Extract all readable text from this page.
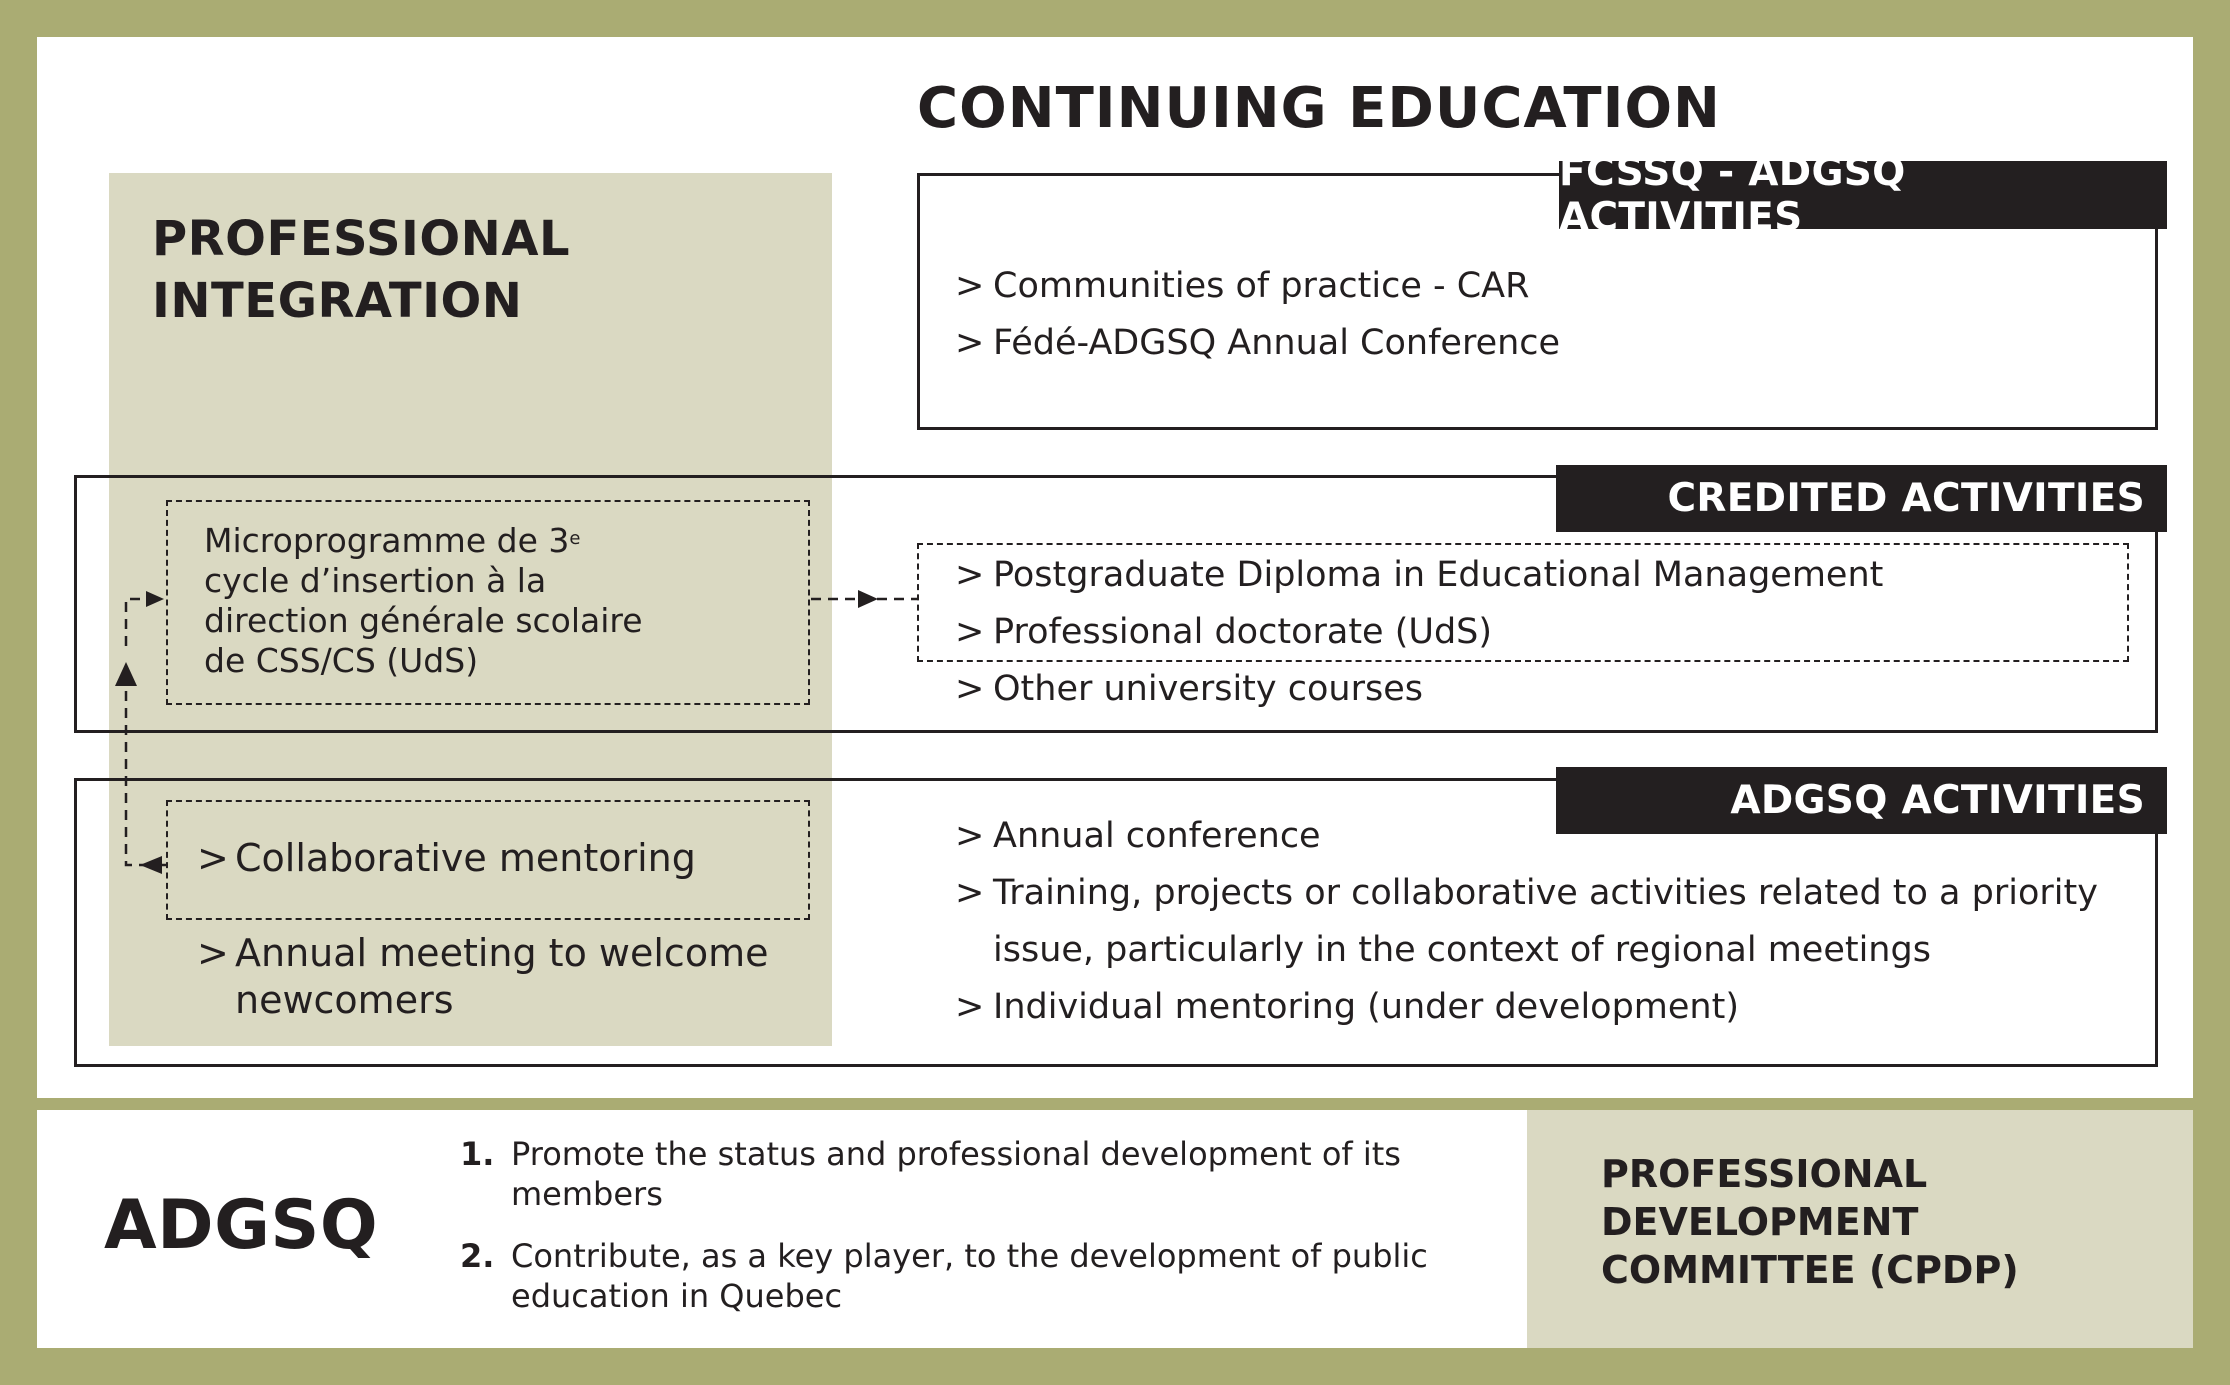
PROFESSIONAL
INTEGRATION
CONTINUING EDUCATION
FCSSQ - ADGSQ ACTIVITIES
> Communities of practice - CAR
> Fédé-ADGSQ Annual Conference
CREDITED ACTIVITIES
> Postgraduate Diploma in Educational Management
> Professional doctorate (UdS)
> Other university courses

Microprogramme de 3e
cycle d’insertion à la
direction générale scolaire
de CSS/CS (UdS)

ADGSQ ACTIVITIES
> Annual conference
> Training, projects or collaborative activities related to a priority issue, particularly in the context of regional meetings
> Individual mentoring (under development)
> Collaborative mentoring
> Annual meeting to welcome newcomers
ADGSQ
1. Promote the status and professional development of its members
2. Contribute, as a key player, to the development of public education in Quebec
PROFESSIONAL
DEVELOPMENT
COMMITTEE (CPDP)
